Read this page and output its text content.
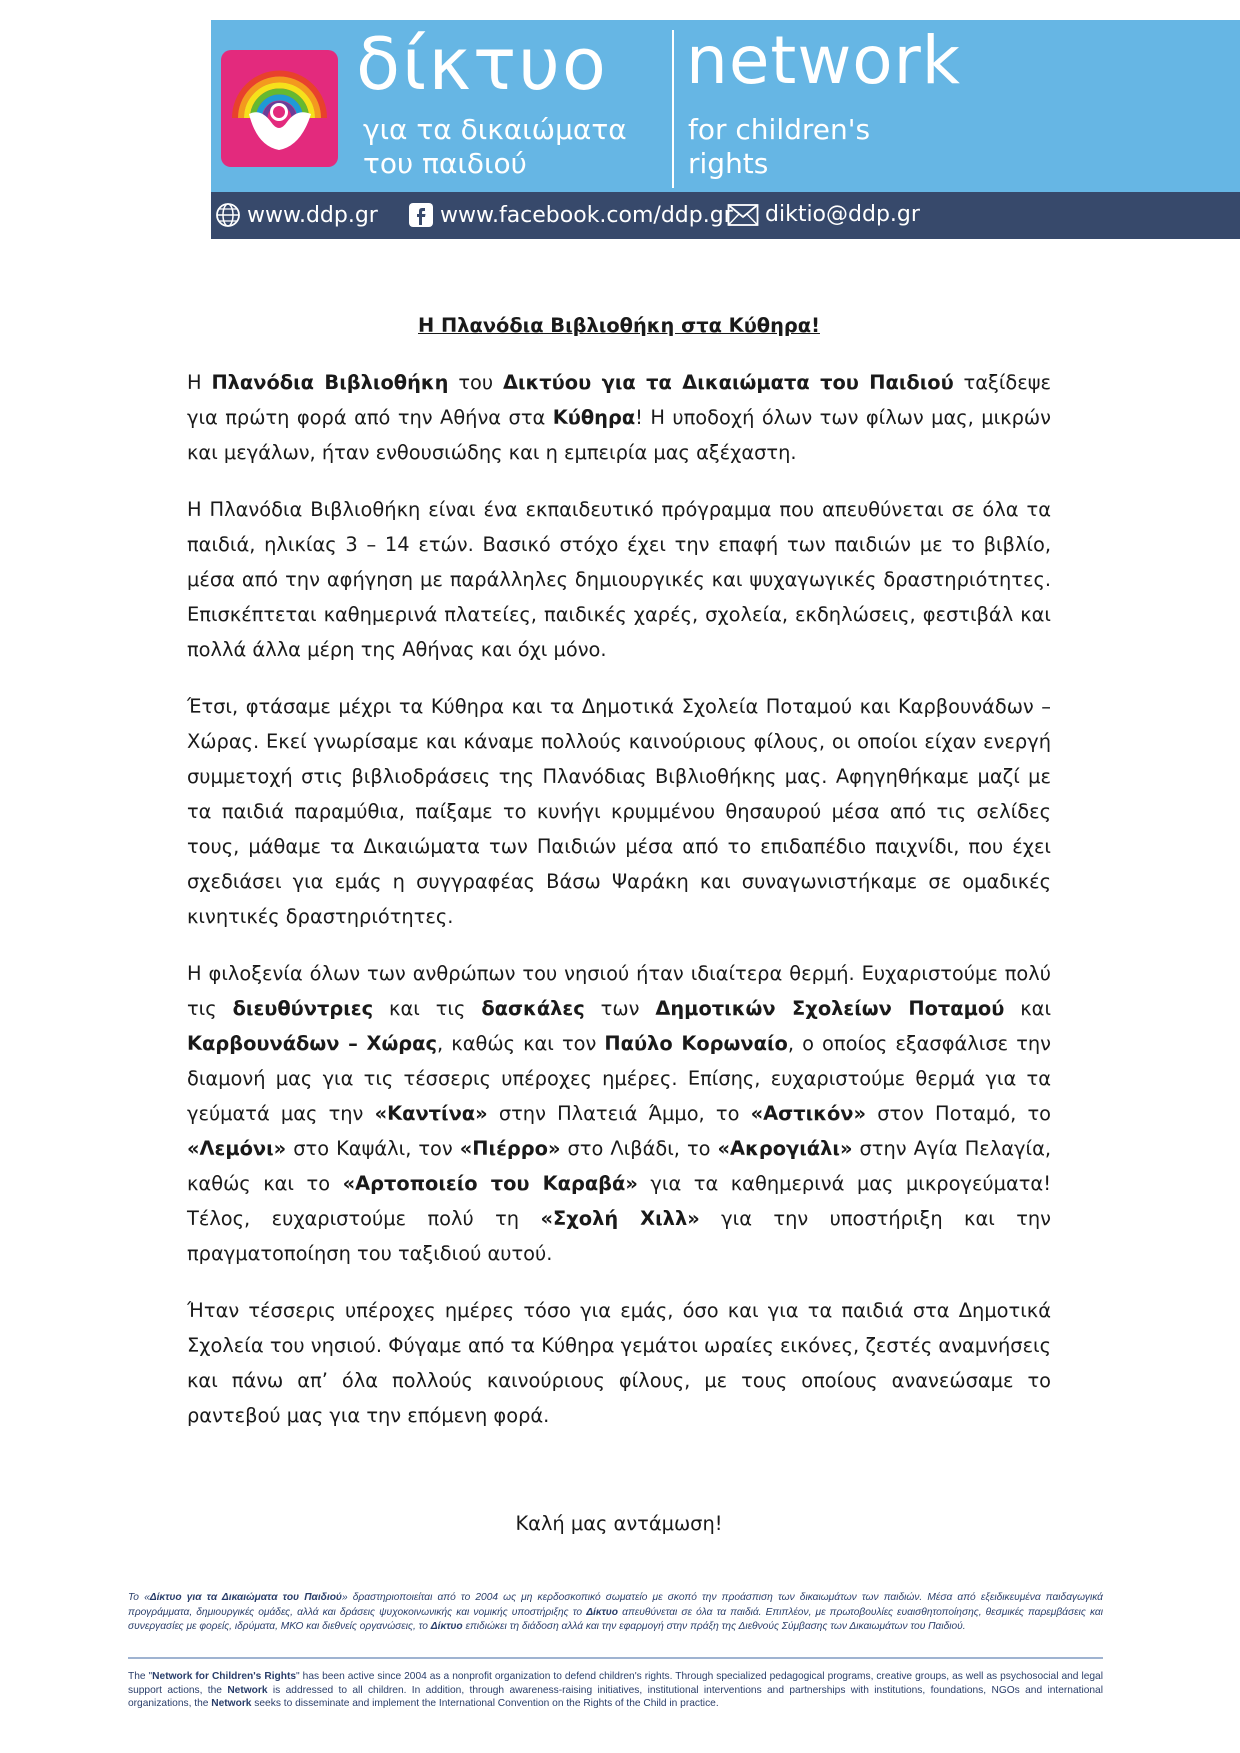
δίκτυο
για τα δικαιώματα
του παιδιού
network
for children's
rights
www.ddp.gr	www.facebook.com/ddp.gr diktio@ddp.gr
Η Πλανόδια Βιβλιοθήκη στα Κύθηρα!

Η Πλανόδια Βιβλιοθήκη του Δικτύου για τα Δικαιώματα του Παιδιού ταξίδεψε για πρώτη φορά από την Αθήνα στα Κύθηρα! Η υποδοχή όλων των φίλων μας, μικρών και μεγάλων, ήταν ενθουσιώδης και η εμπειρία μας αξέχαστη.

Η Πλανόδια Βιβλιοθήκη είναι ένα εκπαιδευτικό πρόγραμμα που απευθύνεται σε όλα τα παιδιά, ηλικίας 3 – 14 ετών. Βασικό στόχο έχει την επαφή των παιδιών με το βιβλίο, μέσα από την αφήγηση με παράλληλες δημιουργικές και ψυχαγωγικές δραστηριότητες. Επισκέπτεται καθημερινά πλατείες, παιδικές χαρές, σχολεία, εκδηλώσεις, φεστιβάλ και πολλά άλλα μέρη της Αθήνας και όχι μόνο.

Έτσι, φτάσαμε μέχρι τα Κύθηρα και τα Δημοτικά Σχολεία Ποταμού και Καρβουνάδων – Χώρας. Εκεί γνωρίσαμε και κάναμε πολλούς καινούριους φίλους, οι οποίοι είχαν ενεργή συμμετοχή στις βιβλιοδράσεις της Πλανόδιας Βιβλιοθήκης μας. Αφηγηθήκαμε μαζί με τα παιδιά παραμύθια, παίξαμε το κυνήγι κρυμμένου θησαυρού μέσα από τις σελίδες τους, μάθαμε τα Δικαιώματα των Παιδιών μέσα από το επιδαπέδιο παιχνίδι, που έχει σχεδιάσει για εμάς η συγγραφέας Βάσω Ψαράκη και συναγωνιστήκαμε σε ομαδικές κινητικές δραστηριότητες.

Η φιλοξενία όλων των ανθρώπων του νησιού ήταν ιδιαίτερα θερμή. Ευχαριστούμε πολύ τις διευθύντριες και τις δασκάλες των Δημοτικών Σχολείων Ποταμού και Καρβουνάδων – Χώρας, καθώς και τον Παύλο Κορωναίο, ο οποίος εξασφάλισε την διαμονή μας για τις τέσσερις υπέροχες ημέρες. Επίσης, ευχαριστούμε θερμά για τα γεύματά μας την «Καντίνα» στην Πλατειά Άμμο, το «Αστικόν» στον Ποταμό, το «Λεμόνι» στο Καψάλι, τον «Πιέρρο» στο Λιβάδι, το «Ακρογιάλι» στην Αγία Πελαγία, καθώς και το «Αρτοποιείο του Καραβά» για τα καθημερινά μας μικρογεύματα! Τέλος, ευχαριστούμε πολύ τη «Σχολή Χιλλ» για την υποστήριξη και την πραγματοποίηση του ταξιδιού αυτού.

Ήταν τέσσερις υπέροχες ημέρες τόσο για εμάς, όσο και για τα παιδιά στα Δημοτικά Σχολεία του νησιού. Φύγαμε από τα Κύθηρα γεμάτοι ωραίες εικόνες, ζεστές αναμνήσεις και πάνω απ’ όλα πολλούς καινούριους φίλους, με τους οποίους ανανεώσαμε το ραντεβού μας για την επόμενη φορά.

Καλή μας αντάμωση!
Το «Δίκτυο για τα Δικαιώματα του Παιδιού» δραστηριοποιείται από το 2004 ως μη κερδοσκοπικό σωματείο με σκοπό την προάσπιση των δικαιωμάτων των παιδιών. Μέσα από εξειδικευμένα παιδαγωγικά προγράμματα, δημιουργικές ομάδες, αλλά και δράσεις ψυχοκοινωνικής και νομικής υποστήριξης το Δίκτυο απευθύνεται σε όλα τα παιδιά. Επιπλέον, με πρωτοβουλίες ευαισθητοποίησης, θεσμικές παρεμβάσεις και συνεργασίες με φορείς, ιδρύματα, ΜΚΟ και διεθνείς οργανώσεις, το Δίκτυο επιδιώκει τη διάδοση αλλά και την εφαρμογή στην πράξη της Διεθνούς Σύμβασης των Δικαιωμάτων του Παιδιού.
The "Network for Children's Rights" has been active since 2004 as a nonprofit organization to defend children's rights. Through specialized pedagogical programs, creative groups, as well as psychosocial and legal support actions, the Network is addressed to all children. In addition, through awareness-raising initiatives, institutional interventions and partnerships with institutions, foundations, NGOs and international organizations, the Network seeks to disseminate and implement the International Convention on the Rights of the Child in practice.
